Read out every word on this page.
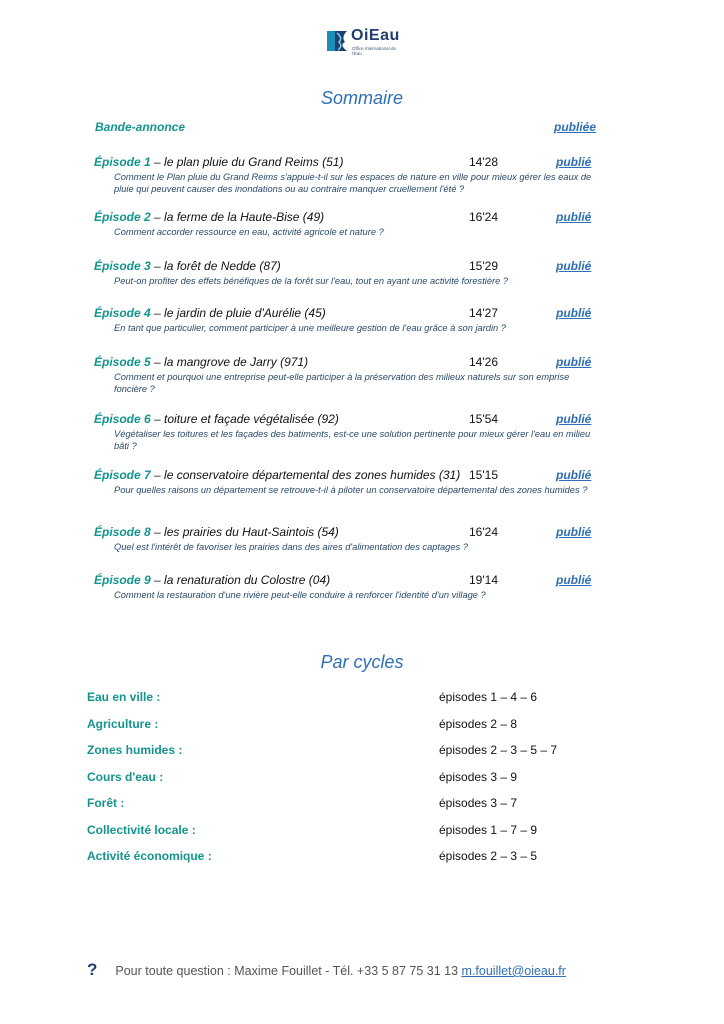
OiEau
Office International de l'Eau
Sommaire
Bande-annonce	publiée
Épisode 1 – le plan pluie du Grand Reims (51)	14'28	publié
Comment le Plan pluie du Grand Reims s'appuie-t-il sur les espaces de nature en ville pour mieux gérer les eaux de pluie qui peuvent causer des inondations ou au contraire manquer cruellement l'été ?
Épisode 2 – la ferme de la Haute-Bise (49)	16'24	publié
Comment accorder ressource en eau, activité agricole et nature ?
Épisode 3 – la forêt de Nedde (87)	15'29	publié
Peut-on profiter des effets bénéfiques de la forêt sur l'eau, tout en ayant une activité forestière ?
Épisode 4 – le jardin de pluie d'Aurélie (45)	14'27	publié
En tant que particulier, comment participer à une meilleure gestion de l'eau grâce à son jardin ?
Épisode 5 – la mangrove de Jarry (971)	14'26	publié
Comment et pourquoi une entreprise peut-elle participer à la préservation des milieux naturels sur son emprise foncière ?
Épisode 6 – toiture et façade végétalisée (92)	15'54	publié
Végétaliser les toitures et les façades des batiments, est-ce une solution pertinente pour mieux gérer l'eau en milieu bâti ?
Épisode 7 – le conservatoire départemental des zones humides (31) 15'15	publié
Pour quelles raisons un département se retrouve-t-il à piloter un conservatoire départemental des zones humides ?
Épisode 8 – les prairies du Haut-Saintois (54)	16'24	publié
Quel est l'intérêt de favoriser les prairies dans des aires d'alimentation des captages ?
Épisode 9 – la renaturation du Colostre (04)	19'14	publié
Comment la restauration d'une rivière peut-elle conduire à renforcer l'identité d'un village ?
Par cycles
Eau en ville :	épisodes 1 – 4 – 6
Agriculture :	épisodes 2 – 8
Zones humides :	épisodes 2 – 3 – 5 – 7
Cours d'eau :	épisodes 3 – 9
Forêt :	épisodes 3 – 7
Collectivité locale :	épisodes 1 – 7 – 9
Activité économique :	épisodes 2 – 3 – 5
? Pour toute question : Maxime Fouillet - Tél. +33 5 87 75 31 13 m.fouillet@oieau.fr
